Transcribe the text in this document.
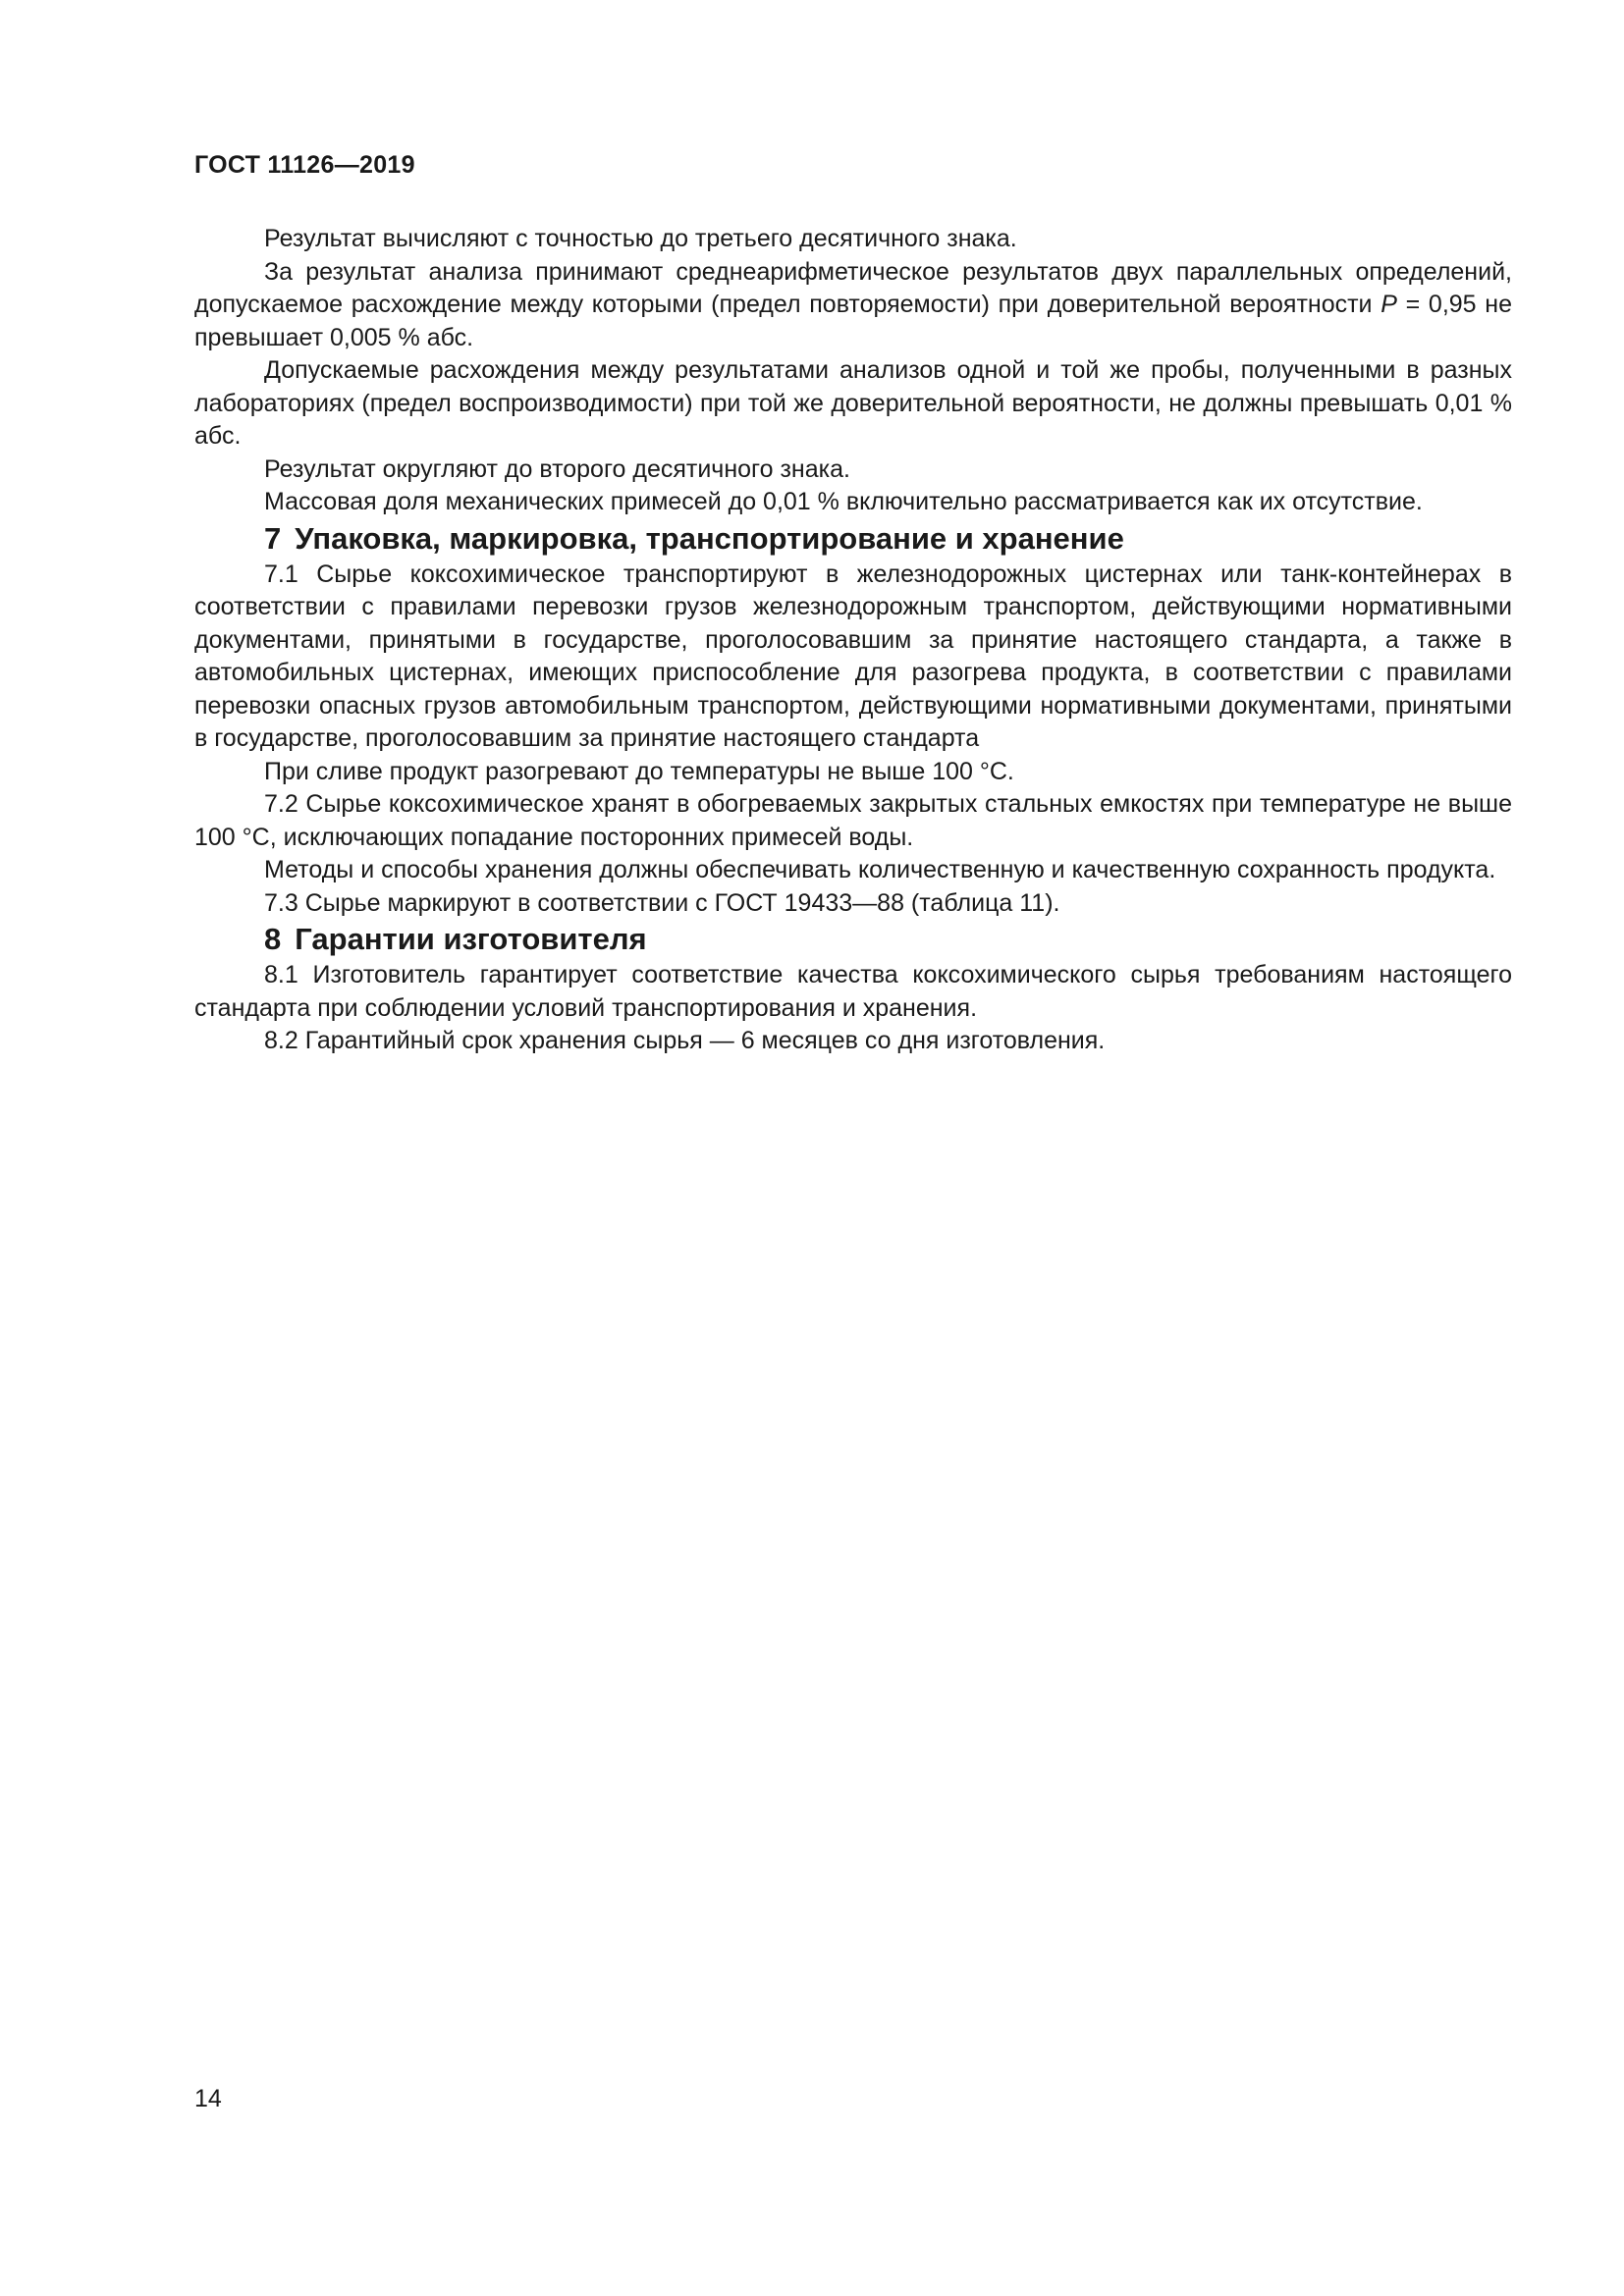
ГОСТ 11126—2019

Результат вычисляют с точностью до третьего десятичного знака.

За результат анализа принимают среднеарифметическое результатов двух параллельных определений, допускаемое расхождение между которыми (предел повторяемости) при доверительной вероятности P = 0,95 не превышает 0,005 % абс.

Допускаемые расхождения между результатами анализов одной и той же пробы, полученными в разных лабораториях (предел воспроизводимости) при той же доверительной вероятности, не должны превышать 0,01 % абс.

Результат округляют до второго десятичного знака.

Массовая доля механических примесей до 0,01 % включительно рассматривается как их отсутствие.

7 Упаковка, маркировка, транспортирование и хранение

7.1 Сырье коксохимическое транспортируют в железнодорожных цистернах или танк-контейнерах в соответствии с правилами перевозки грузов железнодорожным транспортом, действующими нормативными документами, принятыми в государстве, проголосовавшим за принятие настоящего стандарта, а также в автомобильных цистернах, имеющих приспособление для разогрева продукта, в соответствии с правилами перевозки опасных грузов автомобильным транспортом, действующими нормативными документами, принятыми в государстве, проголосовавшим за принятие настоящего стандарта

При сливе продукт разогревают до температуры не выше 100 °С.

7.2 Сырье коксохимическое хранят в обогреваемых закрытых стальных емкостях при температуре не выше 100 °С, исключающих попадание посторонних примесей воды.

Методы и способы хранения должны обеспечивать количественную и качественную сохранность продукта.

7.3 Сырье маркируют в соответствии с ГОСТ 19433—88 (таблица 11).

8 Гарантии изготовителя

8.1 Изготовитель гарантирует соответствие качества коксохимического сырья требованиям настоящего стандарта при соблюдении условий транспортирования и хранения.

8.2 Гарантийный срок хранения сырья — 6 месяцев со дня изготовления.

14
